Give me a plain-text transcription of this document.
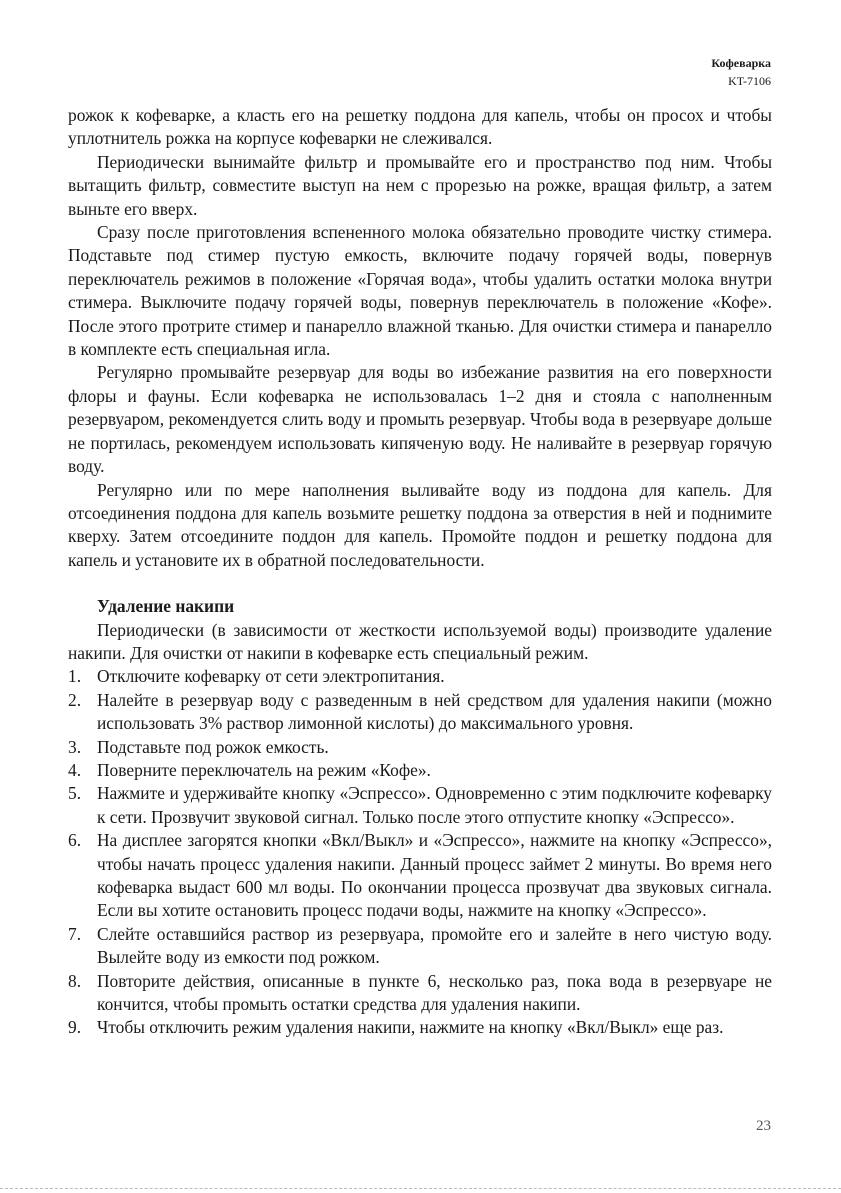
Кофеварка
KT-7106

рожок к кофеварке, а класть его на решетку поддона для капель, чтобы он просох и чтобы уплотнитель рожка на корпусе кофеварки не слеживался.

Периодически вынимайте фильтр и промывайте его и пространство под ним. Чтобы вытащить фильтр, совместите выступ на нем с прорезью на рожке, вращая фильтр, а затем выньте его вверх.

Сразу после приготовления вспененного молока обязательно проводите чистку стимера. Подставьте под стимер пустую емкость, включите подачу горячей воды, повернув переключатель режимов в положение «Горячая вода», чтобы удалить остатки молока внутри стимера. Выключите подачу горячей воды, повернув переключатель в положение «Кофе». После этого протрите стимер и панарелло влажной тканью. Для очистки стимера и панарелло в комплекте есть специальная игла.

Регулярно промывайте резервуар для воды во избежание развития на его поверхности флоры и фауны. Если кофеварка не использовалась 1–2 дня и стояла с наполненным резервуаром, рекомендуется слить воду и промыть резервуар. Чтобы вода в резервуаре дольше не портилась, рекомендуем использовать кипяченую воду. Не наливайте в резервуар горячую воду.

Регулярно или по мере наполнения выливайте воду из поддона для капель. Для отсоединения поддона для капель возьмите решетку поддона за отверстия в ней и поднимите кверху. Затем отсоедините поддон для капель. Промойте поддон и решетку поддона для капель и установите их в обратной последовательности.

Удаление накипи

Периодически (в зависимости от жесткости используемой воды) производите удаление накипи. Для очистки от накипи в кофеварке есть специальный режим.

1. Отключите кофеварку от сети электропитания.
2. Налейте в резервуар воду с разведенным в ней средством для удаления накипи (можно использовать 3% раствор лимонной кислоты) до максимального уровня.
3. Подставьте под рожок емкость.
4. Поверните переключатель на режим «Кофе».
5. Нажмите и удерживайте кнопку «Эспрессо». Одновременно с этим подключите кофеварку к сети. Прозвучит звуковой сигнал. Только после этого отпустите кнопку «Эспрессо».
6. На дисплее загорятся кнопки «Вкл/Выкл» и «Эспрессо», нажмите на кнопку «Эспрессо», чтобы начать процесс удаления накипи. Данный процесс займет 2 минуты. Во время него кофеварка выдаст 600 мл воды. По окончании процесса прозвучат два звуковых сигнала. Если вы хотите остановить процесс подачи воды, нажмите на кнопку «Эспрессо».
7. Слейте оставшийся раствор из резервуара, промойте его и залейте в него чистую воду. Вылейте воду из емкости под рожком.
8. Повторите действия, описанные в пункте 6, несколько раз, пока вода в резервуаре не кончится, чтобы промыть остатки средства для удаления накипи.
9. Чтобы отключить режим удаления накипи, нажмите на кнопку «Вкл/Выкл» еще раз.
23
